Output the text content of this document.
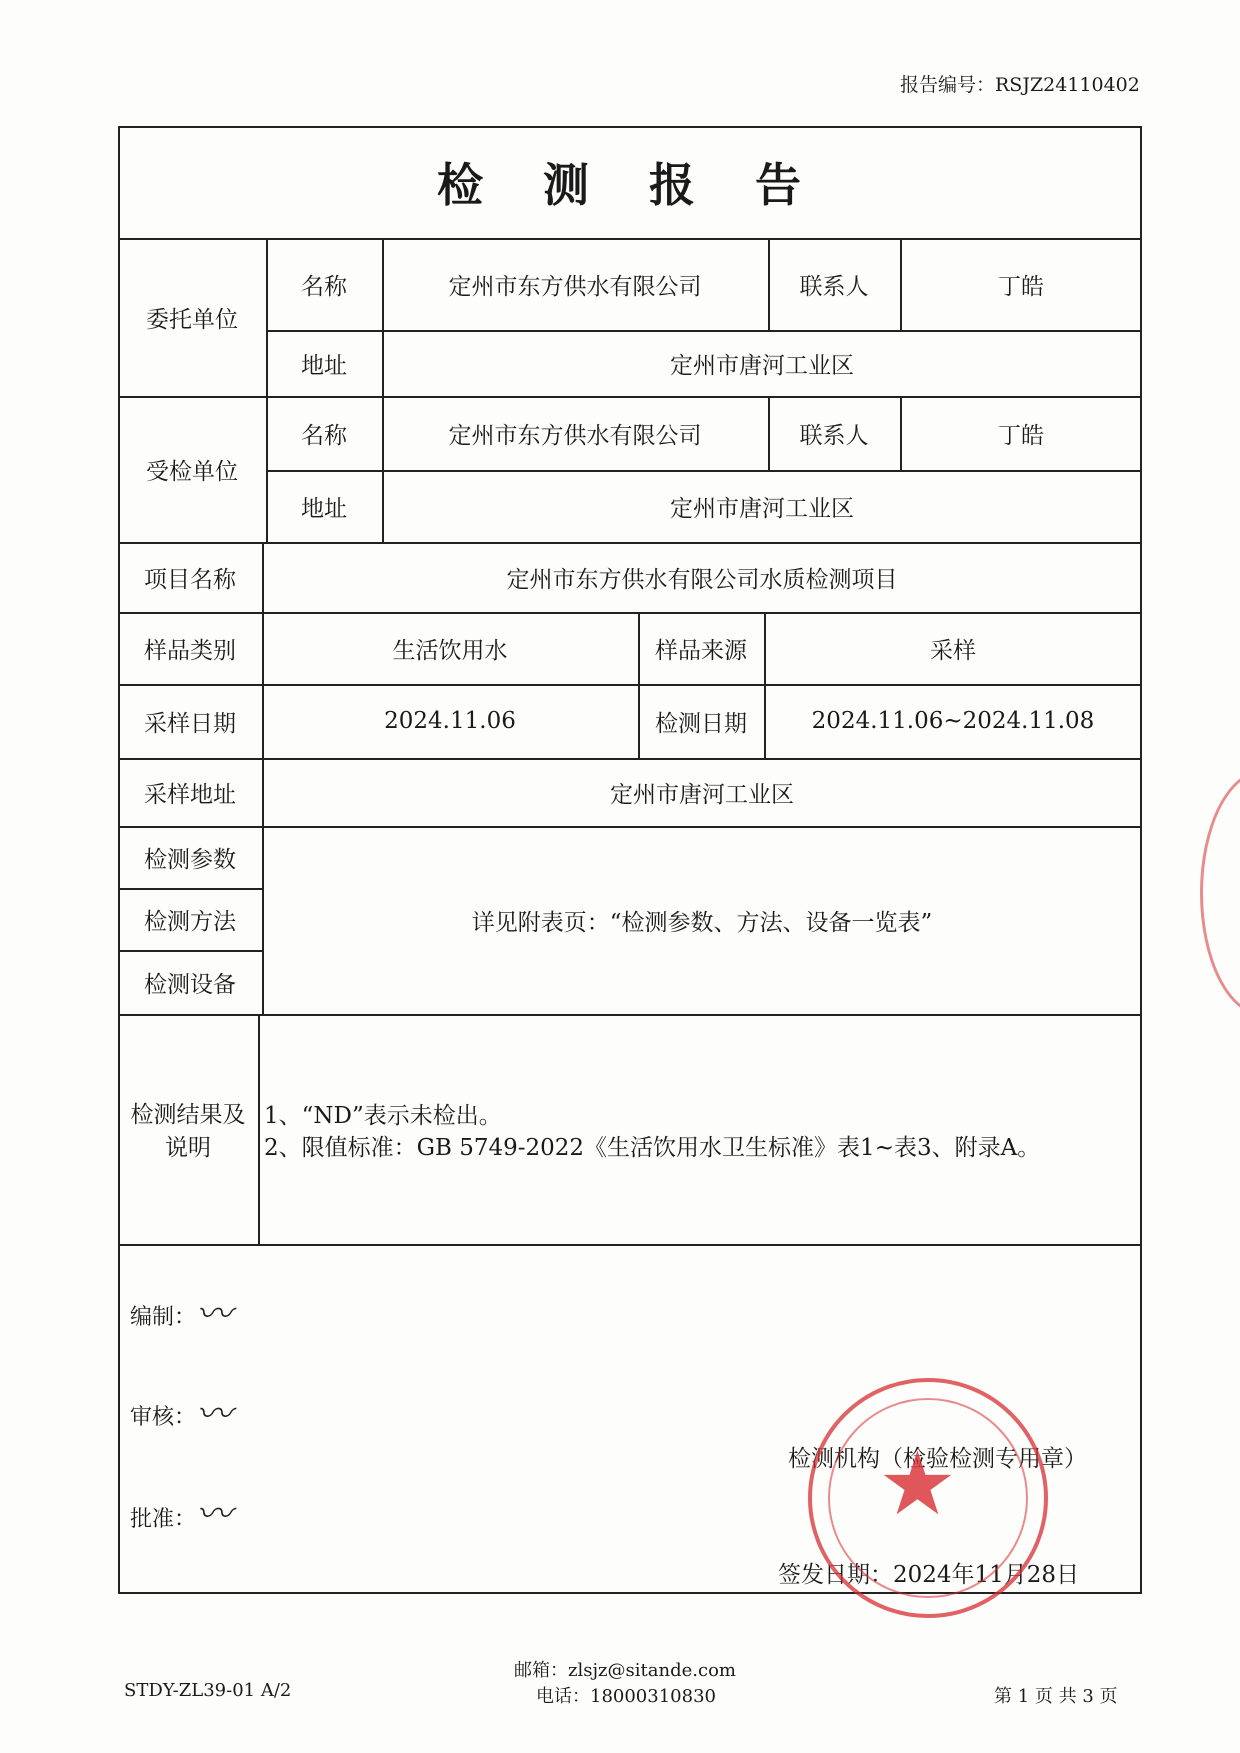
报告编号：RSJZ24110402
检 测 报 告
委托单位
名称	定州市东方供水有限公司	联系人	丁皓
地址	定州市唐河工业区
受检单位
名称	定州市东方供水有限公司	联系人	丁皓
地址	定州市唐河工业区
项目名称	定州市东方供水有限公司水质检测项目
样品类别	生活饮用水	样品来源	采样
采样日期	2024.11.06	检测日期	2024.11.06~2024.11.08
采样地址	定州市唐河工业区
检测参数
检测方法
检测设备
详见附表页：“检测参数、方法、设备一览表”
检测结果及
说明
1、“ND”表示未检出。
2、限值标准：GB 5749-2022《生活饮用水卫生标准》表1~表3、附录A。
编制： 〰
审核： 〰
批准： 〰
检测机构（检验检测专用章）
签发日期：2024年11月28日
★
STDY-ZL39-01 A/2
邮箱：zlsjz@sitande.com
电话：18000310830	第 1 页 共 3 页
